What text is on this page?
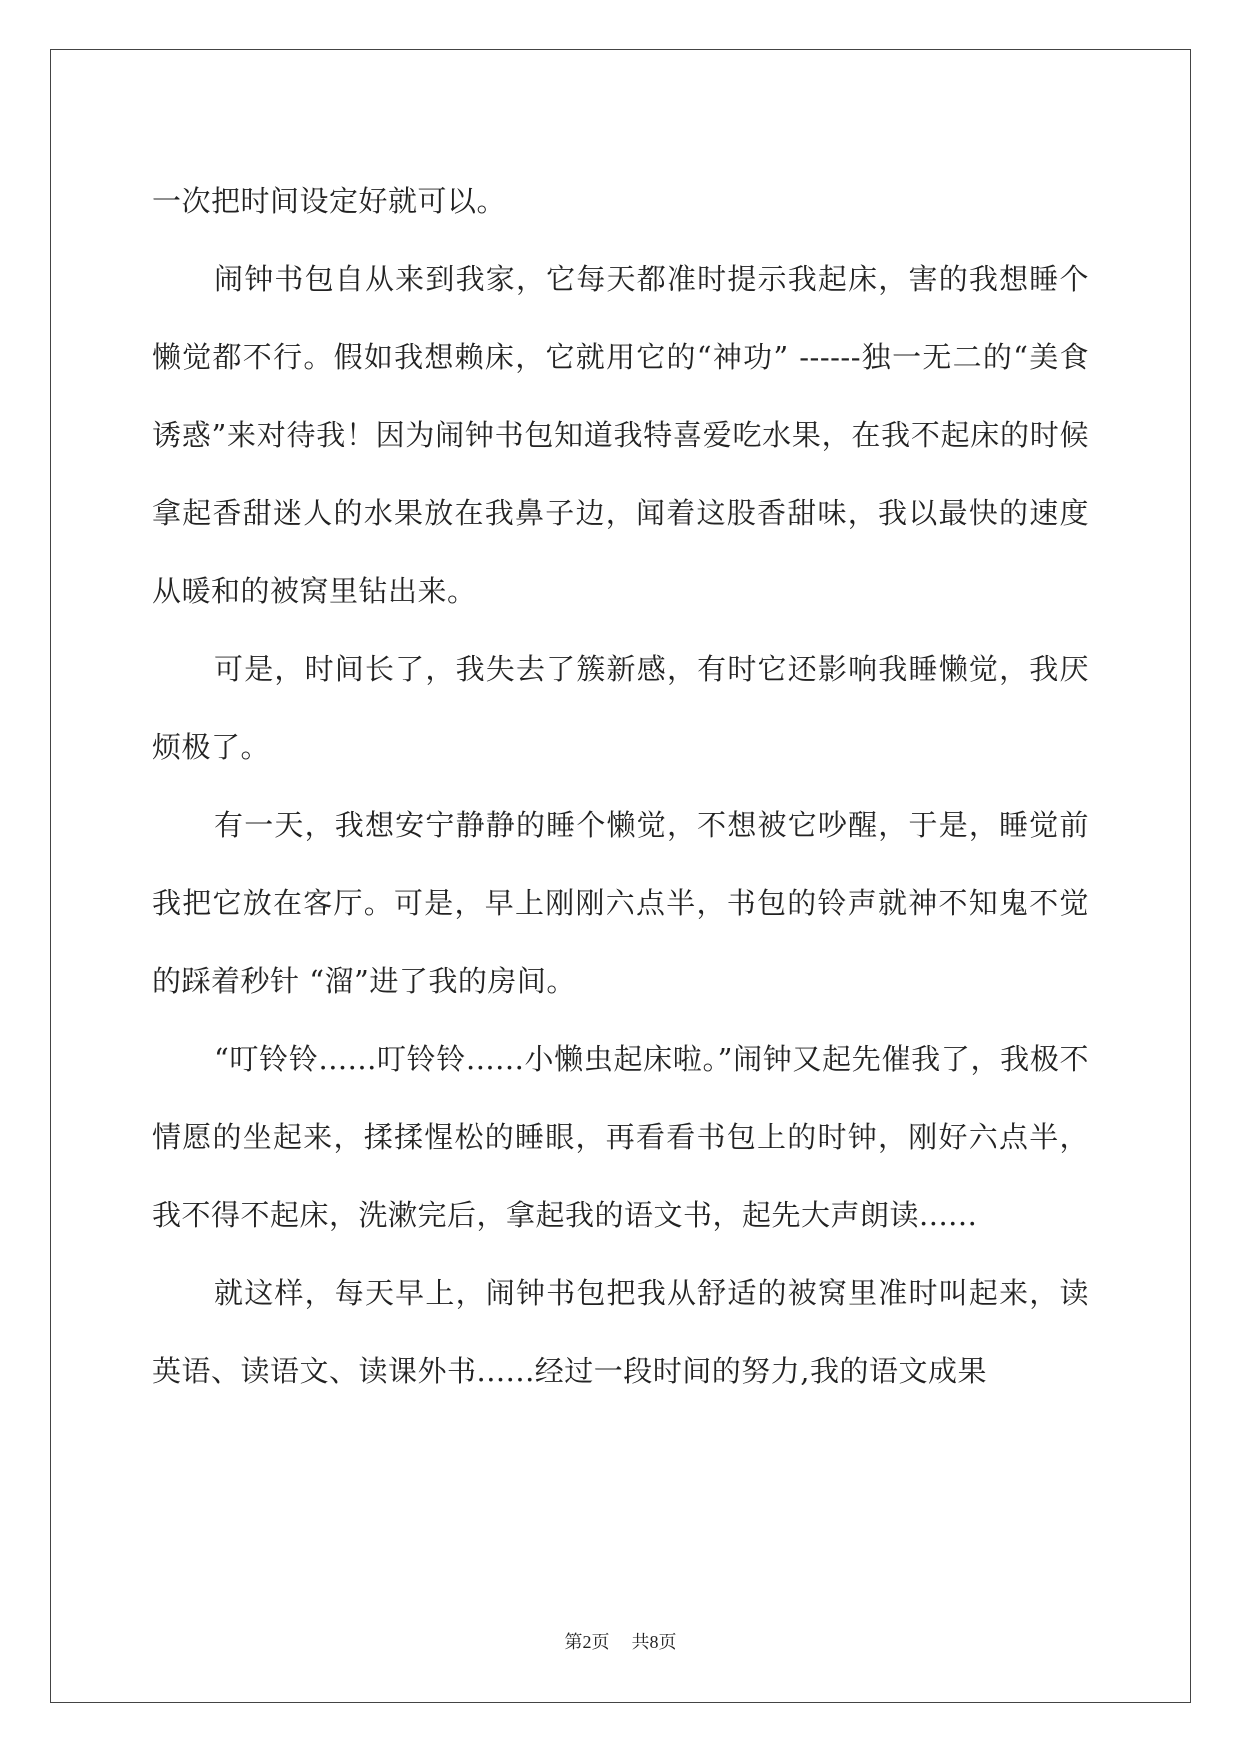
一次把时间设定好就可以。

闹钟书包自从来到我家，它每天都准时提示我起床，害的我想睡个懒觉都不行。假如我想赖床，它就用它的“神功” ------独一无二的“美食诱惑”来对待我！因为闹钟书包知道我特喜爱吃水果，在我不起床的时候拿起香甜迷人的水果放在我鼻子边，闻着这股香甜味，我以最快的速度从暖和的被窝里钻出来。

可是，时间长了，我失去了簇新感，有时它还影响我睡懒觉，我厌烦极了。

有一天，我想安宁静静的睡个懒觉，不想被它吵醒，于是，睡觉前我把它放在客厅。可是，早上刚刚六点半，书包的铃声就神不知鬼不觉的踩着秒针 “溜”进了我的房间。

“叮铃铃......叮铃铃......小懒虫起床啦。”闹钟又起先催我了，我极不情愿的坐起来，揉揉惺松的睡眼，再看看书包上的时钟，刚好六点半，我不得不起床，洗漱完后，拿起我的语文书，起先大声朗读......

就这样，每天早上，闹钟书包把我从舒适的被窝里准时叫起来，读英语、读语文、读课外书......经过一段时间的努力,我的语文成果

第2页 共8页
